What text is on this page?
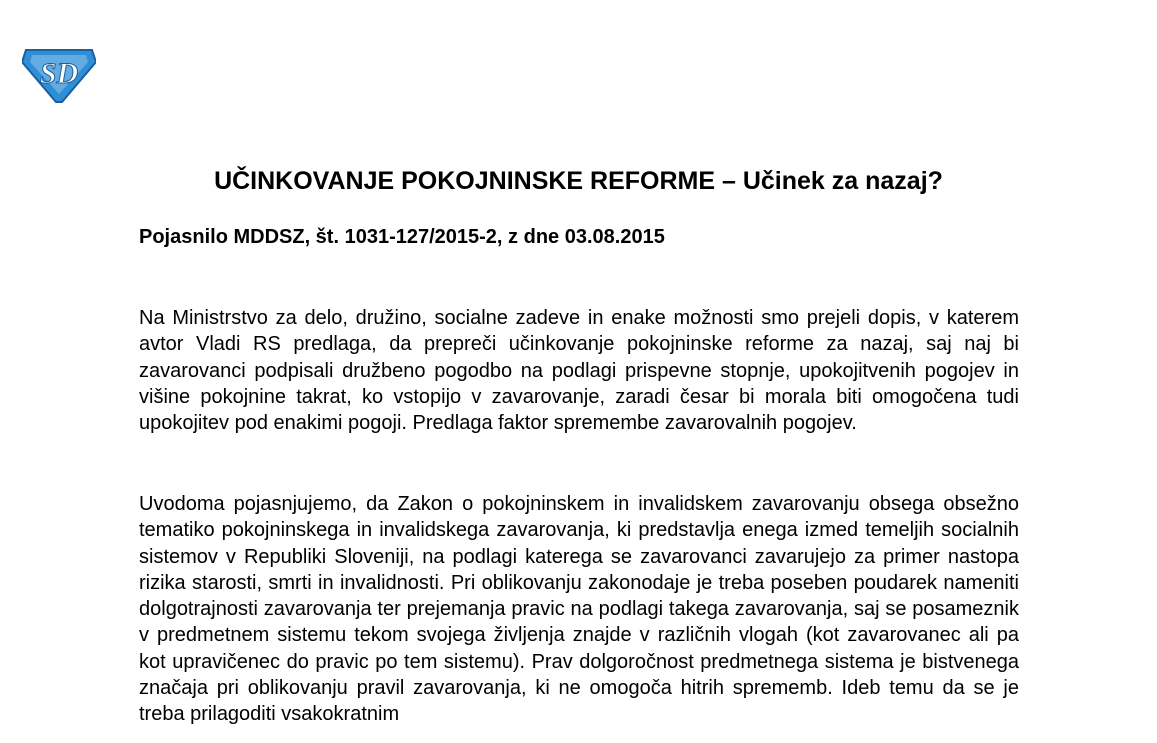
SD
UČINKOVANJE POKOJNINSKE REFORME – Učinek za nazaj?

Pojasnilo MDDSZ, št. 1031-127/2015-2, z dne 03.08.2015

Na Ministrstvo za delo, družino, socialne zadeve in enake možnosti smo prejeli dopis, v katerem avtor Vladi RS predlaga, da prepreči učinkovanje pokojninske reforme za nazaj, saj naj bi zavarovanci podpisali družbeno pogodbo na podlagi prispevne stopnje, upokojitvenih pogojev in višine pokojnine takrat, ko vstopijo v zavarovanje, zaradi česar bi morala biti omogočena tudi upokojitev pod enakimi pogoji. Predlaga faktor spremembe zavarovalnih pogojev.

Uvodoma pojasnjujemo, da Zakon o pokojninskem in invalidskem zavarovanju obsega obsežno tematiko pokojninskega in invalidskega zavarovanja, ki predstavlja enega izmed temeljih socialnih sistemov v Republiki Sloveniji, na podlagi katerega se zavarovanci zavarujejo za primer nastopa rizika starosti, smrti in invalidnosti. Pri oblikovanju zakonodaje je treba poseben poudarek nameniti dolgotrajnosti zavarovanja ter prejemanja pravic na podlagi takega zavarovanja, saj se posameznik v predmetnem sistemu tekom svojega življenja znajde v različnih vlogah (kot zavarovanec ali pa kot upravičenec do pravic po tem sistemu). Prav dolgoročnost predmetnega sistema je bistvenega značaja pri oblikovanju pravil zavarovanja, ki ne omogoča hitrih sprememb. Ideb temu da se je treba prilagoditi vsakokratnim
